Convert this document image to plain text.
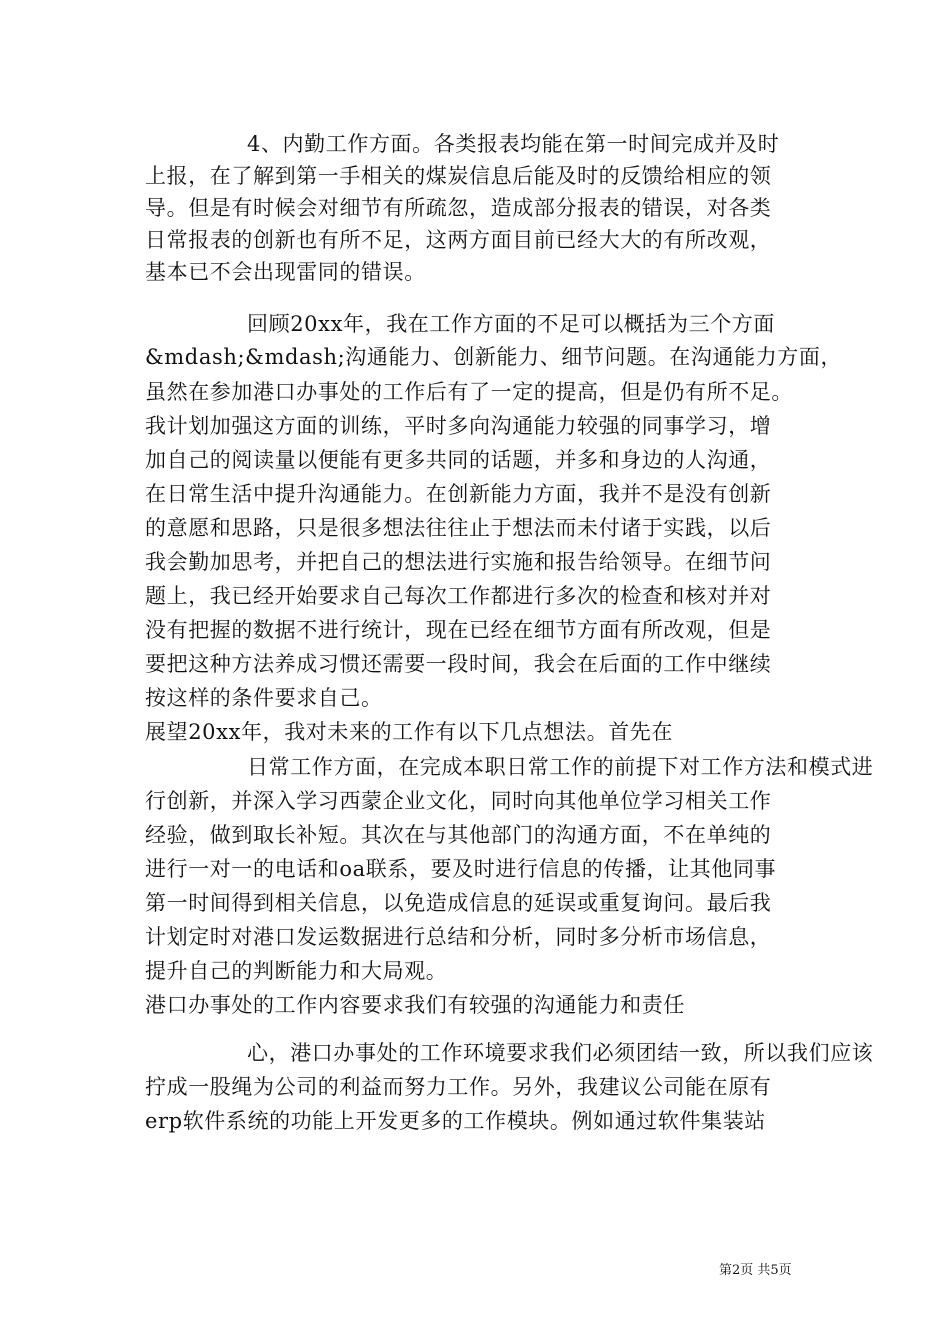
4、内勤工作方面。各类报表均能在第一时间完成并及时
上报，在了解到第一手相关的煤炭信息后能及时的反馈给相应的领
导。但是有时候会对细节有所疏忽，造成部分报表的错误，对各类
日常报表的创新也有所不足，这两方面目前已经大大的有所改观，
基本已不会出现雷同的错误。
回顾20xx年，我在工作方面的不足可以概括为三个方面
&mdash;&mdash;沟通能力、创新能力、细节问题。在沟通能力方面，
虽然在参加港口办事处的工作后有了一定的提高，但是仍有所不足。
我计划加强这方面的训练，平时多向沟通能力较强的同事学习，增
加自己的阅读量以便能有更多共同的话题，并多和身边的人沟通，
在日常生活中提升沟通能力。在创新能力方面，我并不是没有创新
的意愿和思路，只是很多想法往往止于想法而未付诸于实践，以后
我会勤加思考，并把自己的想法进行实施和报告给领导。在细节问
题上，我已经开始要求自己每次工作都进行多次的检查和核对并对
没有把握的数据不进行统计，现在已经在细节方面有所改观，但是
要把这种方法养成习惯还需要一段时间，我会在后面的工作中继续
按这样的条件要求自己。
展望20xx年，我对未来的工作有以下几点想法。首先在
日常工作方面，在完成本职日常工作的前提下对工作方法和模式进
行创新，并深入学习西蒙企业文化，同时向其他单位学习相关工作
经验，做到取长补短。其次在与其他部门的沟通方面，不在单纯的
进行一对一的电话和oa联系，要及时进行信息的传播，让其他同事
第一时间得到相关信息，以免造成信息的延误或重复询问。最后我
计划定时对港口发运数据进行总结和分析，同时多分析市场信息，
提升自己的判断能力和大局观。
港口办事处的工作内容要求我们有较强的沟通能力和责任
心，港口办事处的工作环境要求我们必须团结一致，所以我们应该
拧成一股绳为公司的利益而努力工作。另外，我建议公司能在原有
erp软件系统的功能上开发更多的工作模块。例如通过软件集装站
第2页 共5页
